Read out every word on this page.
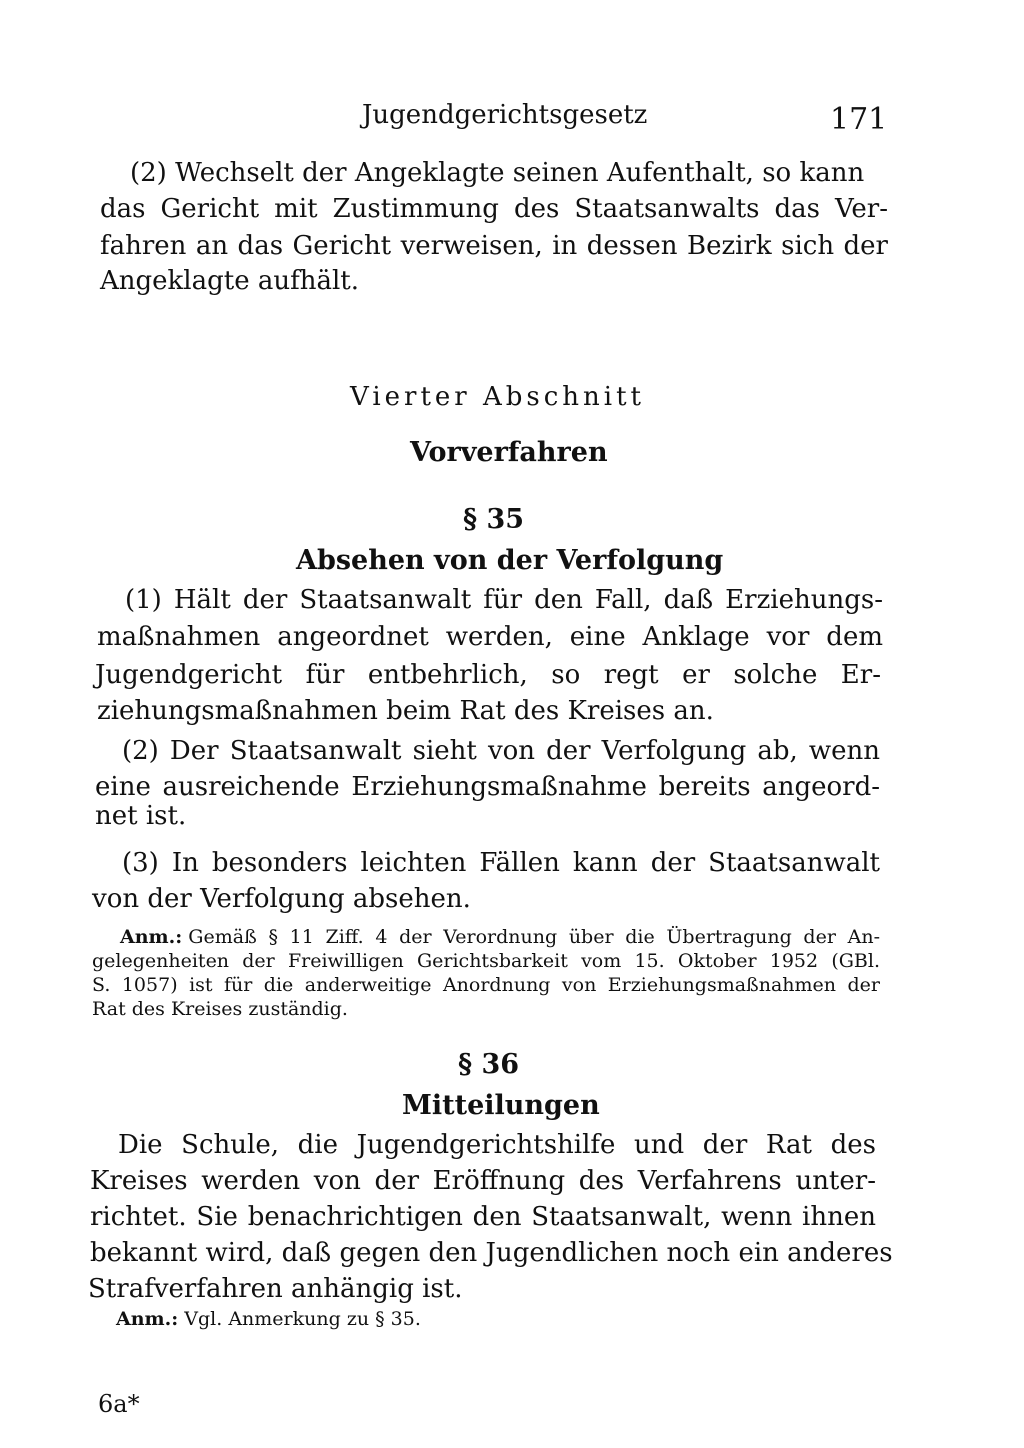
Jugendgerichtsgesetz	171
(2) Wechselt der Angeklagte seinen Aufenthalt, so kann
das Gericht mit Zustimmung des Staatsanwalts das Ver-
fahren an das Gericht verweisen, in dessen Bezirk sich der
Angeklagte aufhält.
Vierter Abschnitt
Vorverfahren
§ 35
Absehen von der Verfolgung
(1) Hält der Staatsanwalt für den Fall, daß Erziehungs-
maßnahmen angeordnet werden, eine Anklage vor dem
Jugendgericht für entbehrlich, so regt er solche Er-
ziehungsmaßnahmen beim Rat des Kreises an.
(2) Der Staatsanwalt sieht von der Verfolgung ab, wenn
eine ausreichende Erziehungsmaßnahme bereits angeord-
net ist.
(3) In besonders leichten Fällen kann der Staatsanwalt
von der Verfolgung absehen.
Anm.: Gemäß § 11 Ziff. 4 der Verordnung über die Übertragung der An-
gelegenheiten der Freiwilligen Gerichtsbarkeit vom 15. Oktober 1952 (GBl.
S. 1057) ist für die anderweitige Anordnung von Erziehungsmaßnahmen der
Rat des Kreises zuständig.
§ 36
Mitteilungen
Die Schule, die Jugendgerichtshilfe und der Rat des
Kreises werden von der Eröffnung des Verfahrens unter-
richtet. Sie benachrichtigen den Staatsanwalt, wenn ihnen
bekannt wird, daß gegen den Jugendlichen noch ein anderes
Strafverfahren anhängig ist.
Anm.: Vgl. Anmerkung zu § 35.
6a*
